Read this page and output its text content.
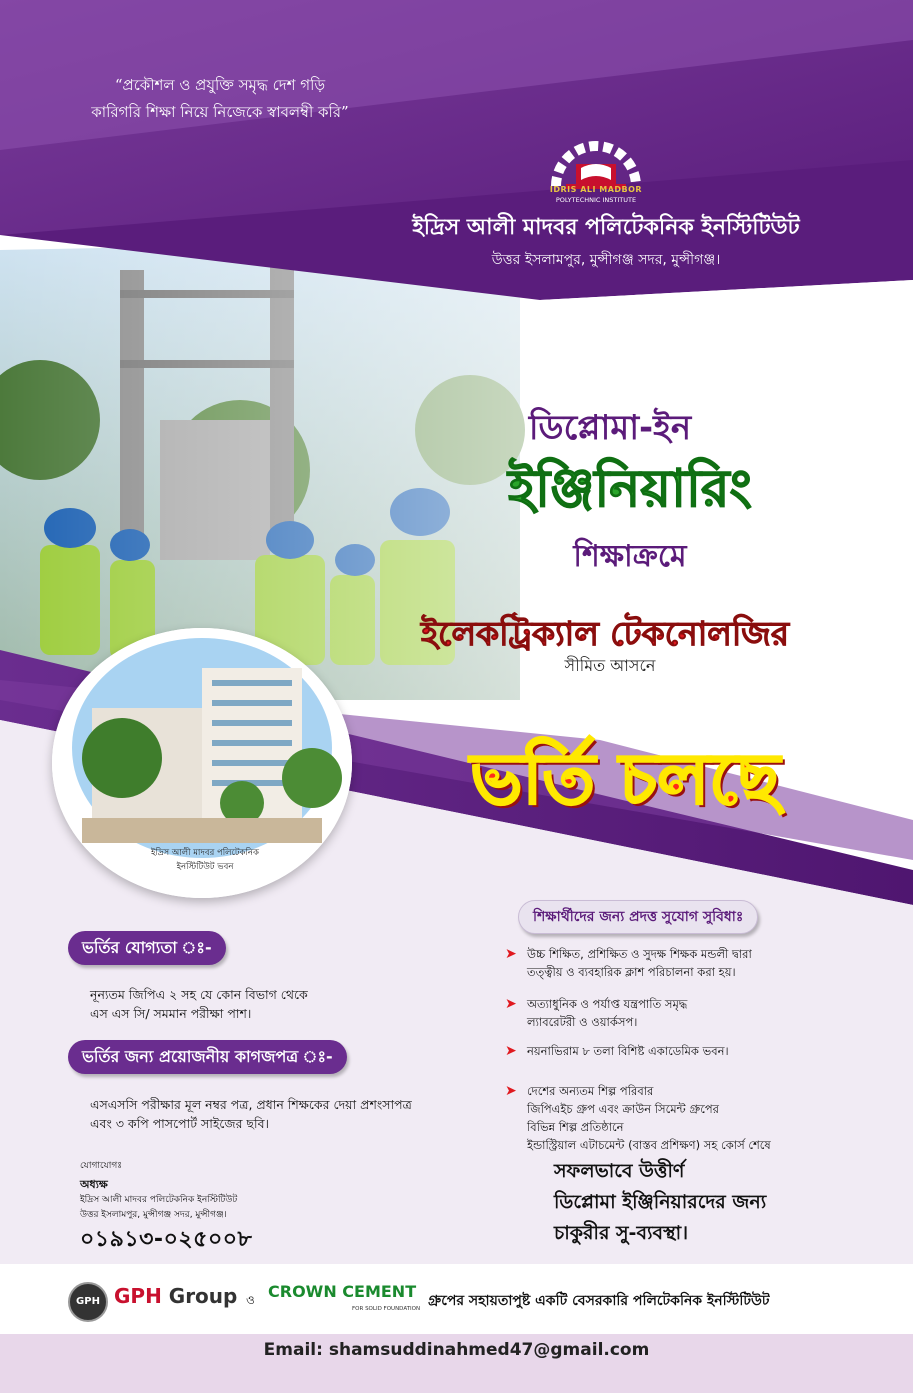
ইদ্রিস আলী মাদবর পলিটেকনিক
ইনস্টিটিউট ভবন
“প্রকৌশল ও প্রযুক্তি সমৃদ্ধ দেশ গড়ি
কারিগরি শিক্ষা নিয়ে নিজেকে স্বাবলম্বী করি”
IDRIS ALI MADBOR
POLYTECHNIC INSTITUTE
ইদ্রিস আলী মাদবর পলিটেকনিক ইনস্টিটিউট
উত্তর ইসলামপুর, মুন্সীগঞ্জ সদর, মুন্সীগঞ্জ।
ডিপ্লোমা-ইন
ইঞ্জিনিয়ারিং
শিক্ষাক্রমে
ইলেকট্রিক্যাল টেকনোলজির
সীমিত আসনে
ভর্তি চলছে
ভর্তির যোগ্যতা ঃ-
নূন্যতম জিপিএ ২ সহ যে কোন বিভাগ থেকে
এস এস সি/ সমমান পরীক্ষা পাশ।
ভর্তির জন্য প্রয়োজনীয় কাগজপত্র ঃ-
এসএসসি পরীক্ষার মূল নম্বর পত্র, প্রধান শিক্ষকের দেয়া প্রশংসাপত্র
এবং ৩ কপি পাসপোর্ট সাইজের ছবি।
যোগাযোগঃ
অধ্যক্ষ
ইদ্রিস আলী মাদবর পলিটেকনিক ইনস্টিটিউট
উত্তর ইসলামপুর, মুন্সীগঞ্জ সদর, মুন্সীগঞ্জ।
০১৯১৩-০২৫০০৮
শিক্ষার্থীদের জন্য প্রদত্ত সুযোগ সুবিধাঃ
➤ উচ্চ শিক্ষিত, প্রশিক্ষিত ও সুদক্ষ শিক্ষক মন্ডলী দ্বারা
তত্ত্বীয় ও ব্যবহারিক ক্লাশ পরিচালনা করা হয়।
➤ অত্যাধুনিক ও পর্যাপ্ত যন্ত্রপাতি সমৃদ্ধ
ল্যাবরেটরী ও ওয়ার্কসপ।
➤ নয়নাভিরাম ৮ তলা বিশিষ্ট একাডেমিক ভবন।
➤ দেশের অন্যতম শিল্প পরিবার
জিপিএইচ গ্রুপ এবং ক্রাউন সিমেন্ট গ্রুপের
বিভিন্ন শিল্প প্রতিষ্ঠানে
ইন্ডাস্ট্রিয়াল এটাচমেন্ট (বাস্তব প্রশিক্ষণ) সহ কোর্স শেষে
সফলভাবে উত্তীর্ণ
ডিপ্লোমা ইঞ্জিনিয়ারদের জন্য
চাকুরীর সু-ব্যবস্থা।
GPH GPH Group ও CROWN CEMENT
FOR SOLID FOUNDATION গ্রুপের সহায়তাপুষ্ট একটি বেসরকারি পলিটেকনিক ইনস্টিটিউট
Email: shamsuddinahmed47@gmail.com
